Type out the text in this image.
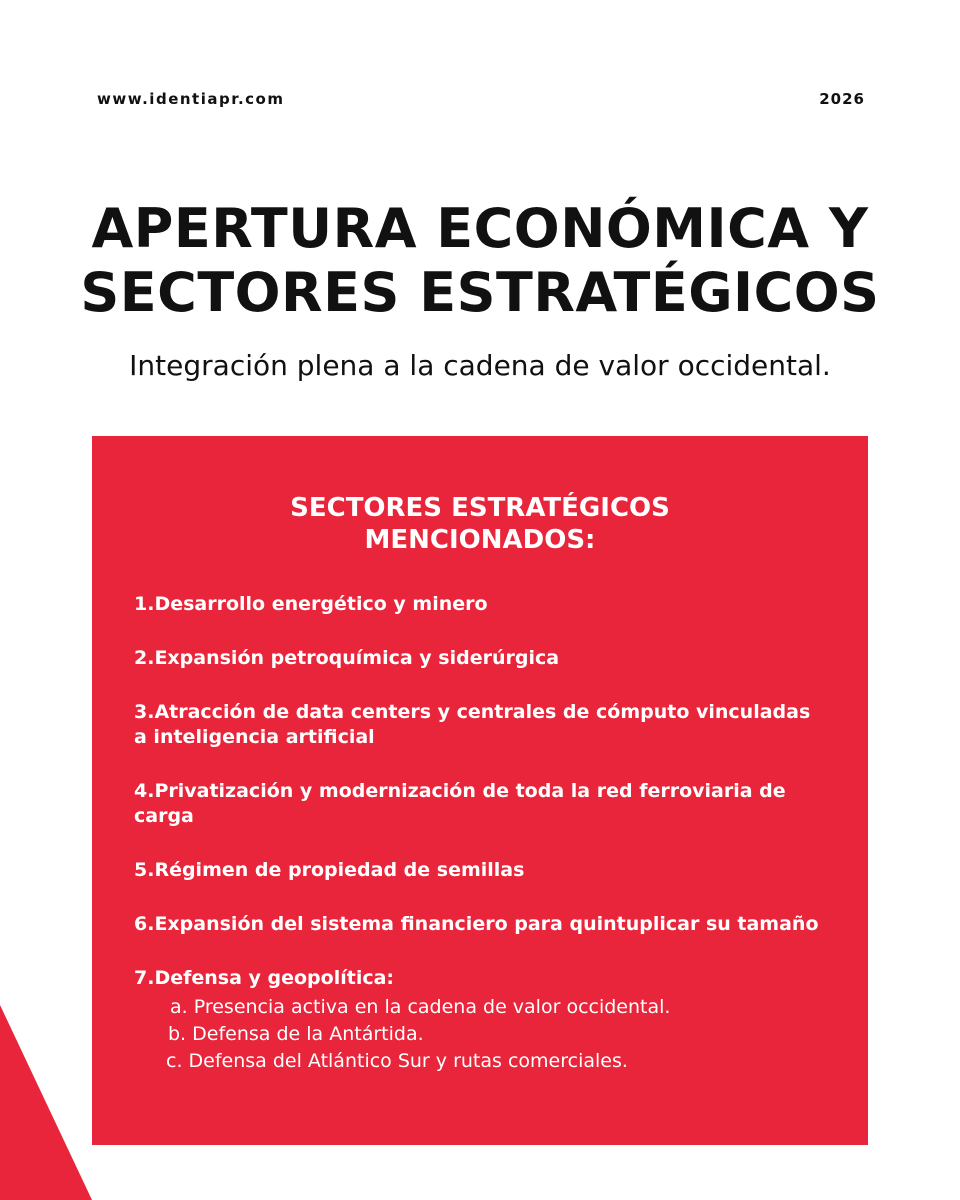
www.identiapr.com	2026
APERTURA ECONÓMICA Y
SECTORES ESTRATÉGICOS

Integración plena a la cadena de valor occidental.

SECTORES ESTRATÉGICOS
MENCIONADOS:
1.Desarrollo energético y minero
2.Expansión petroquímica y siderúrgica
3.Atracción de data centers y centrales de cómputo vinculadas a inteligencia artificial
4.Privatización y modernización de toda la red ferroviaria de carga
5.Régimen de propiedad de semillas
6.Expansión del sistema financiero para quintuplicar su tamaño
7.Defensa y geopolítica:
a. Presencia activa en la cadena de valor occidental.
b. Defensa de la Antártida.
c. Defensa del Atlántico Sur y rutas comerciales.
